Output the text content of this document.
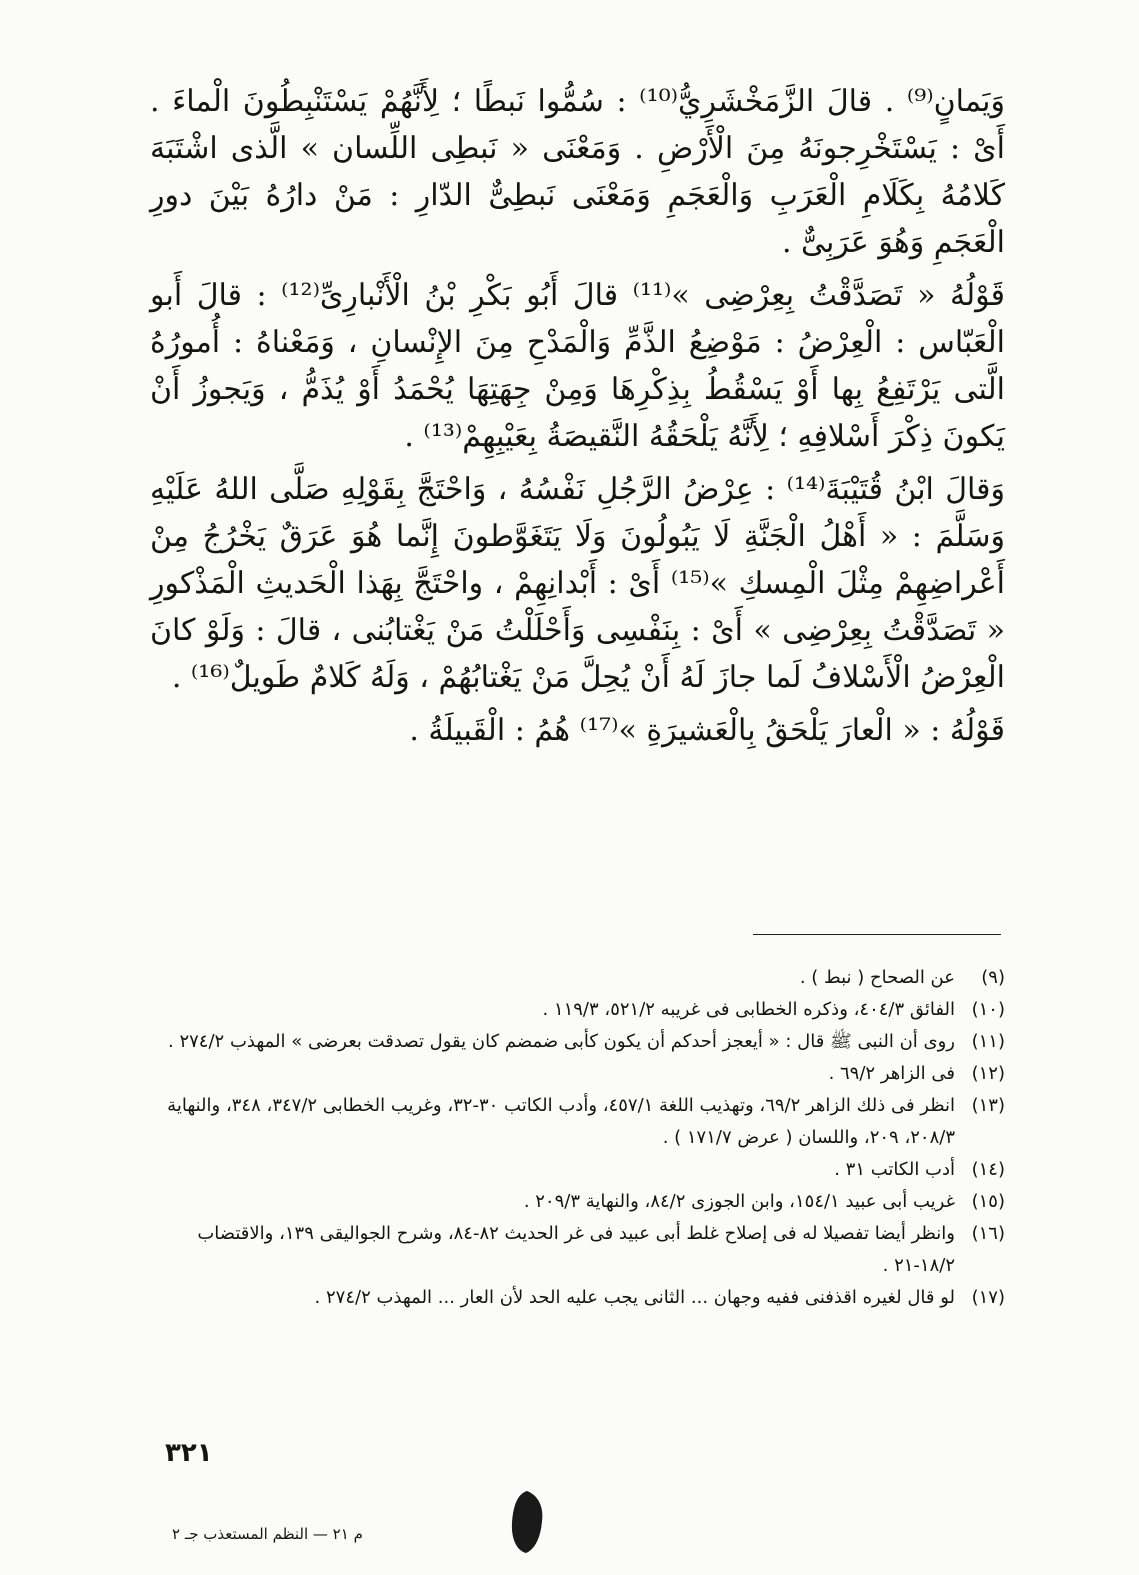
وَيَمانٍ⁽⁹⁾ . قالَ الزَّمَخْشَرِيُّ⁽¹⁰⁾ : سُمُّوا نَبطًا ؛ لِأَنَّهُمْ يَسْتَنْبِطُونَ الْماءَ . أَىْ : يَسْتَخْرِجونَهُ مِنَ الْأَرْضِ . وَمَعْنَى « نَبطِى اللِّسان » الَّذى اشْتَبَهَ كَلامُهُ بِكَلَامِ الْعَرَبِ وَالْعَجَمِ وَمَعْنَى نَبطِىٌّ الدّارِ : مَنْ دارُهُ بَيْنَ دورِ الْعَجَمِ وَهُوَ عَرَبِىٌّ .

قَوْلُهُ « تَصَدَّقْتُ بِعِرْضِى »⁽¹¹⁾ قالَ أَبُو بَكْرِ بْنُ الْأَنْبارِىِّ⁽¹²⁾ : قالَ أَبو الْعَبّاس : الْعِرْضُ : مَوْضِعُ الذَّمِّ وَالْمَدْحِ مِنَ الإِنْسانِ ، وَمَعْناهُ : أُمورُهُ الَّتى يَرْتَفِعُ بِها أَوْ يَسْقُطُ بِذِكْرِهَا وَمِنْ جِهَتِهَا يُحْمَدُ أَوْ يُذَمُّ ، وَيَجوزُ أَنْ يَكونَ ذِكْرَ أَسْلافِهِ ؛ لِأَنَّهُ يَلْحَقُهُ النَّقيصَةُ بِعَيْبِهِمْ⁽¹³⁾ .

وَقالَ ابْنُ قُتَيْبَةَ⁽¹⁴⁾ : عِرْضُ الرَّجُلِ نَفْسُهُ ، وَاحْتَجَّ بِقَوْلِهِ صَلَّى اللهُ عَلَيْهِ وَسَلَّمَ : « أَهْلُ الْجَنَّةِ لَا يَبُولُونَ وَلَا يَتَغَوَّطونَ إِنَّما هُوَ عَرَقٌ يَخْرُجُ مِنْ أَعْراضِهِمْ مِثْلَ الْمِسكِ »⁽¹⁵⁾ أَىْ : أَبْدانِهِمْ ، واحْتَجَّ بِهَذا الْحَديثِ الْمَذْكورِ « تَصَدَّقْتُ بِعِرْضِى » أَىْ : بِنَفْسِى وَأَحْلَلْتُ مَنْ يَغْتابُنى ، قالَ : وَلَوْ كانَ الْعِرْضُ الْأَسْلافُ لَما جازَ لَهُ أَنْ يُحِلَّ مَنْ يَغْتابُهُمْ ، وَلَهُ كَلامٌ طَويلٌ⁽¹⁶⁾ .

قَوْلُهُ : « الْعارَ يَلْحَقُ بِالْعَشيرَةِ »⁽¹⁷⁾ هُمُ : الْقَبيلَةُ .

(٩)
عن الصحاح ( نبط ) .
(١٠)
الفائق ٤٠٤/٣، وذكره الخطابى فى غريبه ٥٢١/٢، ١١٩/٣ .
(١١)
روى أن النبى ﷺ قال : « أيعجز أحدكم أن يكون كأبى ضمضم كان يقول تصدقت بعرضى » المهذب ٢٧٤/٢ .
(١٢)
فى الزاهر ٦٩/٢ .
(١٣)
انظر فى ذلك الزاهر ٦٩/٢، وتهذيب اللغة ٤٥٧/١، وأدب الكاتب ٣٠-٣٢، وغريب الخطابى ٣٤٧/٢، ٣٤٨، والنهاية ٢٠٨/٣، ٢٠٩، واللسان ( عرض ١٧١/٧ ) .
(١٤)
أدب الكاتب ٣١ .
(١٥)
غريب أبى عبيد ١٥٤/١، وابن الجوزى ٨٤/٢، والنهاية ٢٠٩/٣ .
(١٦)
وانظر أيضا تفصيلا له فى إصلاح غلط أبى عبيد فى غر الحديث ٨٢-٨٤، وشرح الجواليقى ١٣٩، والاقتضاب ١٨/٢-٢١ .
(١٧)
لو قال لغيره اقذفنى ففيه وجهان ... الثانى يجب عليه الحد لأن العار ... المهذب ٢٧٤/٢ .
٣٢١
م ٢١ — النظم المستعذب جـ ٢
